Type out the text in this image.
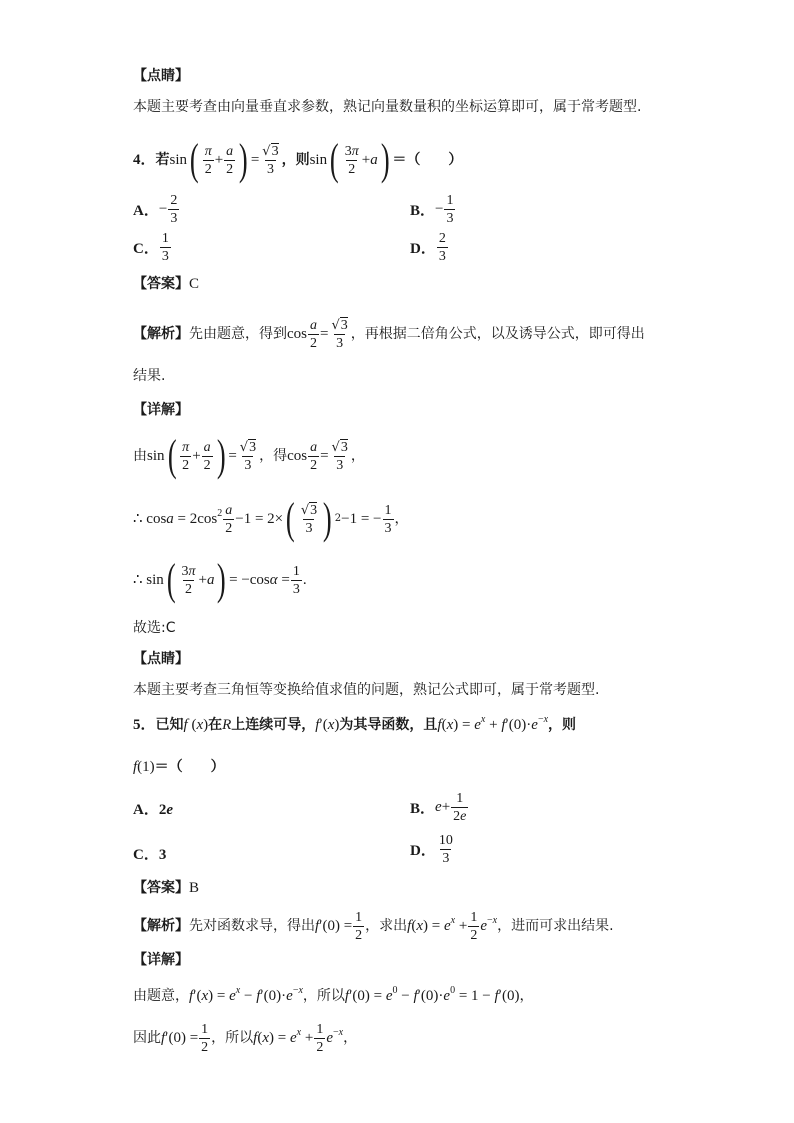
【点睛】
本题主要考查由向量垂直求参数，熟记向量数量积的坐标运算即可，属于常考题型.
4． 若 sin ( $\frac{\pi}{2} + \frac{a}{2}$ ) = $\frac{√3}{3}$ ，则 sin ( $\frac{3\pi}{2} +a$ ) ＝（　　）
A． − $\frac{2}{3}$	B． − $\frac{1}{3}$
C． $\frac{1}{3}$	D． $\frac{2}{3}$
【答案】C
【解析】 先由题意，得到 $\cos \frac{a}{2} = \frac{√3}{3}$ ，再根据二倍角公式，以及诱导公式，即可得出
结果.
【详解】
由 sin ( $\frac{\pi}{2} + \frac{a}{2}$ ) = $\frac{√3}{3}$ ，得 $\cos \frac{a}{2} = \frac{√3}{3}$ ，
∴ $\cos a = 2\cos^2 \frac{a}{2} -1 = 2\times$ ( $\frac{√3}{3}$ ) 2 −1 = − $\frac{1}{3}$ ，
∴ sin ( $\frac{3\pi}{2} +a$ ) = $-\cos\alpha = \frac{1}{3}$ .
故选:C
【点睛】
本题主要考查三角恒等变换给值求值的问题，熟记公式即可，属于常考题型.
5． 已知 f (x) 在 R 上连续可导， f′(x) 为其导函数，且 $f(x) = e^x + f'(0)\cdot e^{-x}$ ，则
f(1) ＝（　　）
A．2e	B． $e + \frac{1}{2e}$
C．3	D． $\frac{10}{3}$
【答案】B
【解析】 先对函数求导，得出 $f'(0) = \frac{1}{2}$ ，求出 $f(x) = e^x + \frac{1}{2} e^{-x}$ ，进而可求出结果.
【详解】
由题意， $f'(x) = e^x - f'(0)\cdot e^{-x}$ ，所以 $f'(0) = e^0 - f'(0)\cdot e^0 = 1 - f'(0)$ ，
因此 $f'(0) = \frac{1}{2}$ ，所以 $f(x) = e^x + \frac{1}{2} e^{-x}$ ，
